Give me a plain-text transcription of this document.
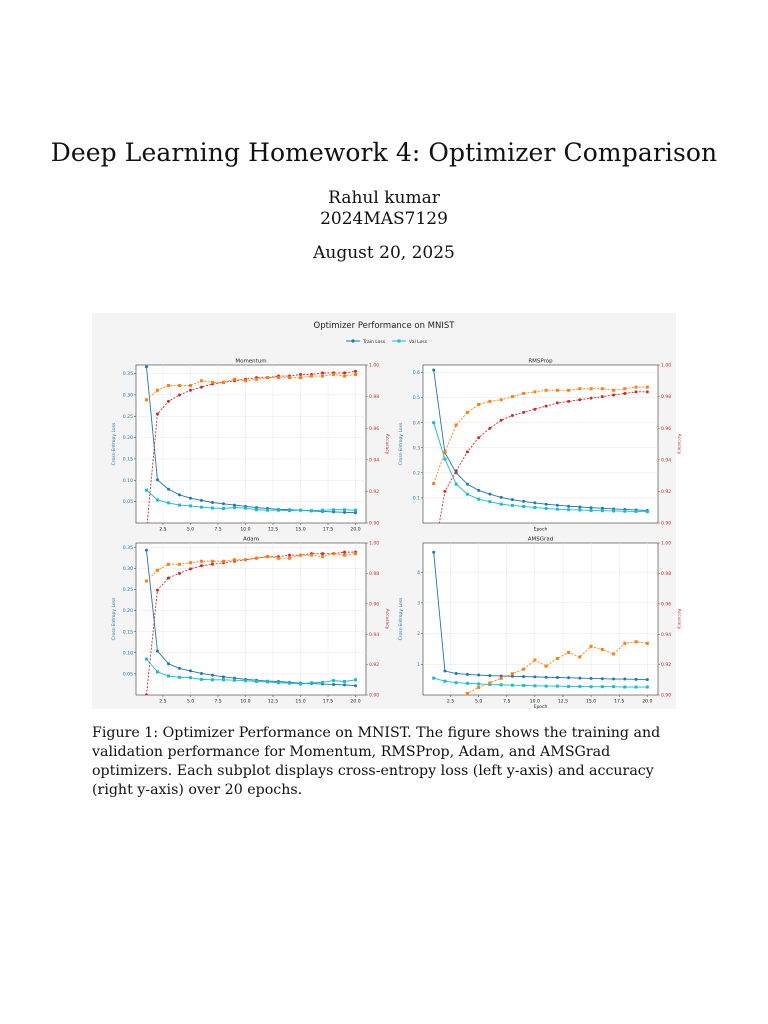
Deep Learning Homework 4: Optimizer Comparison
Rahul kumar
2024MAS7129
August 20, 2025
Optimizer Performance on MNIST
Train Loss	Val Loss
2.5	5.0	7.5	10.0	12.5	15.0	17.5	20.0
0.05
0.10
0.15
0.20
0.25
0.30
0.35
0.90
0.92
0.94
0.96
0.98
1.00
Momentum
Cross-Entropy Loss	Accuracy
0.1
0.2
0.3
0.4
0.5
0.6
0.90
0.92
0.94
0.96
0.98
1.00
RMSProp
Cross-Entropy Loss	Accuracy
Epoch
2.5	5.0	7.5	10.0	12.5	15.0	17.5	20.0
0.05
0.10
0.15
0.20
0.25
0.30
0.35
0.90
0.92
0.94
0.96
0.98
1.00
Adam
Cross-Entropy Loss	Accuracy
2.5	5.0	7.5	10.0	12.5	15.0	17.5	20.0
1
2
3
4
0.90
0.92
0.94
0.96
0.98
1.00
AMSGrad
Cross-Entropy Loss	Accuracy
Epoch
Figure 1: Optimizer Performance on MNIST. The figure shows the training and validation performance for Momentum, RMSProp, Adam, and AMSGrad optimizers. Each subplot displays cross-entropy loss (left y-axis) and accuracy (right y-axis) over 20 epochs.
